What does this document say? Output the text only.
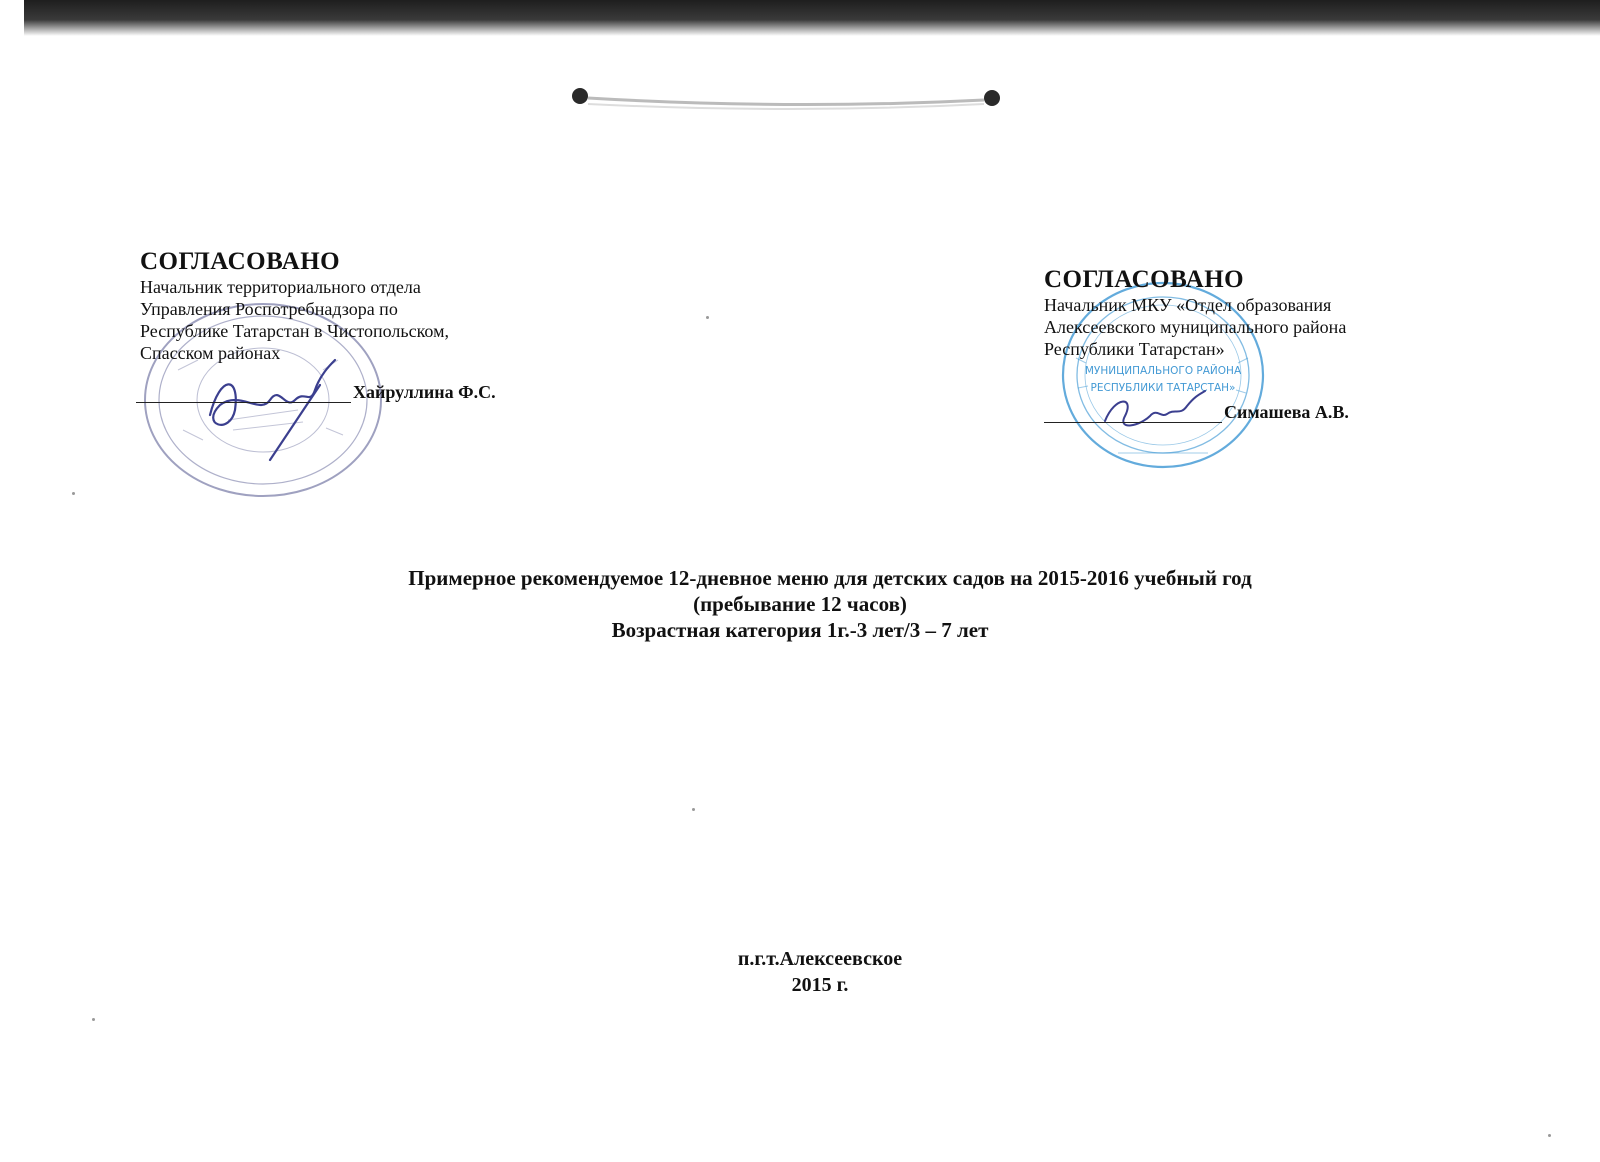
МУНИЦИПАЛЬНОГО РАЙОНА
РЕСПУБЛИКИ ТАТАРСТАН»
СОГЛАСОВАНО
Начальник территориального отдела
Управления Роспотребнадзора по
Республике Татарстан в Чистопольском,
Спасском районах
Хайруллина Ф.С.
СОГЛАСОВАНО
Начальник МКУ «Отдел образования
Алексеевского муниципального района
Республики Татарстан»
Симашева А.В.
Примерное рекомендуемое 12-дневное меню для детских садов на 2015-2016 учебный год
(пребывание 12 часов)
Возрастная категория 1г.-3 лет/3 – 7 лет
п.г.т.Алексеевское
2015 г.
